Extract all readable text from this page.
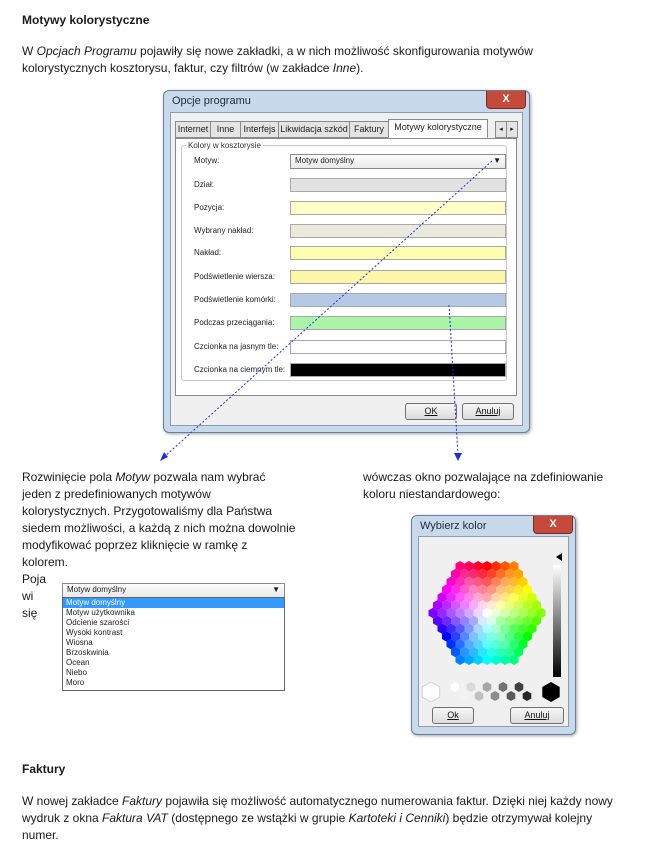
Motywy kolorystyczne
W Opcjach Programu pojawiły się nowe zakładki, a w nich możliwość skonfigurowania motywów
kolorystycznych kosztorysu, faktur, czy filtrów (w zakładce Inne).
Opcje programu	X
Internet Inne	Interfejs Likwidacja szkód Faktury	Motywy kolorystyczne	◂	▸
Kolory w kosztorysie
Motyw:	Motyw domyślny	▼
Dział:
Pozycja:
Wybrany nakład:
Nakład:
Podświetlenie wiersza:
Podświetlenie komórki:
Podczas przeciągania:
Czcionka na jasnym tle:
Czcionka na ciemnym tle:
OK	Anuluj
Rozwinięcie pola Motyw pozwala nam wybrać
jeden z predefiniowanych motywów
kolorystycznych. Przygotowaliśmy dla Państwa
siedem możliwości, a każdą z nich można dowolnie
modyfikować poprzez kliknięcie w ramkę z
kolorem.
Poja
wi
się
Motyw domyślny	▼
Motyw domyślny
Motyw użytkownika
Odcienie szarości
Wysoki kontrast
Wiosna
Brzoskwinia
Ocean
Niebo
Moro
wówczas okno pozwalające na zdefiniowanie
koloru niestandardowego:
Wybierz kolor	X
Ok	Anuluj
Faktury
W nowej zakładce Faktury pojawiła się możliwość automatycznego numerowania faktur. Dzięki niej każdy nowy
wydruk z okna Faktura VAT (dostępnego ze wstążki w grupie Kartoteki i Cenniki) będzie otrzymywał kolejny
numer.
